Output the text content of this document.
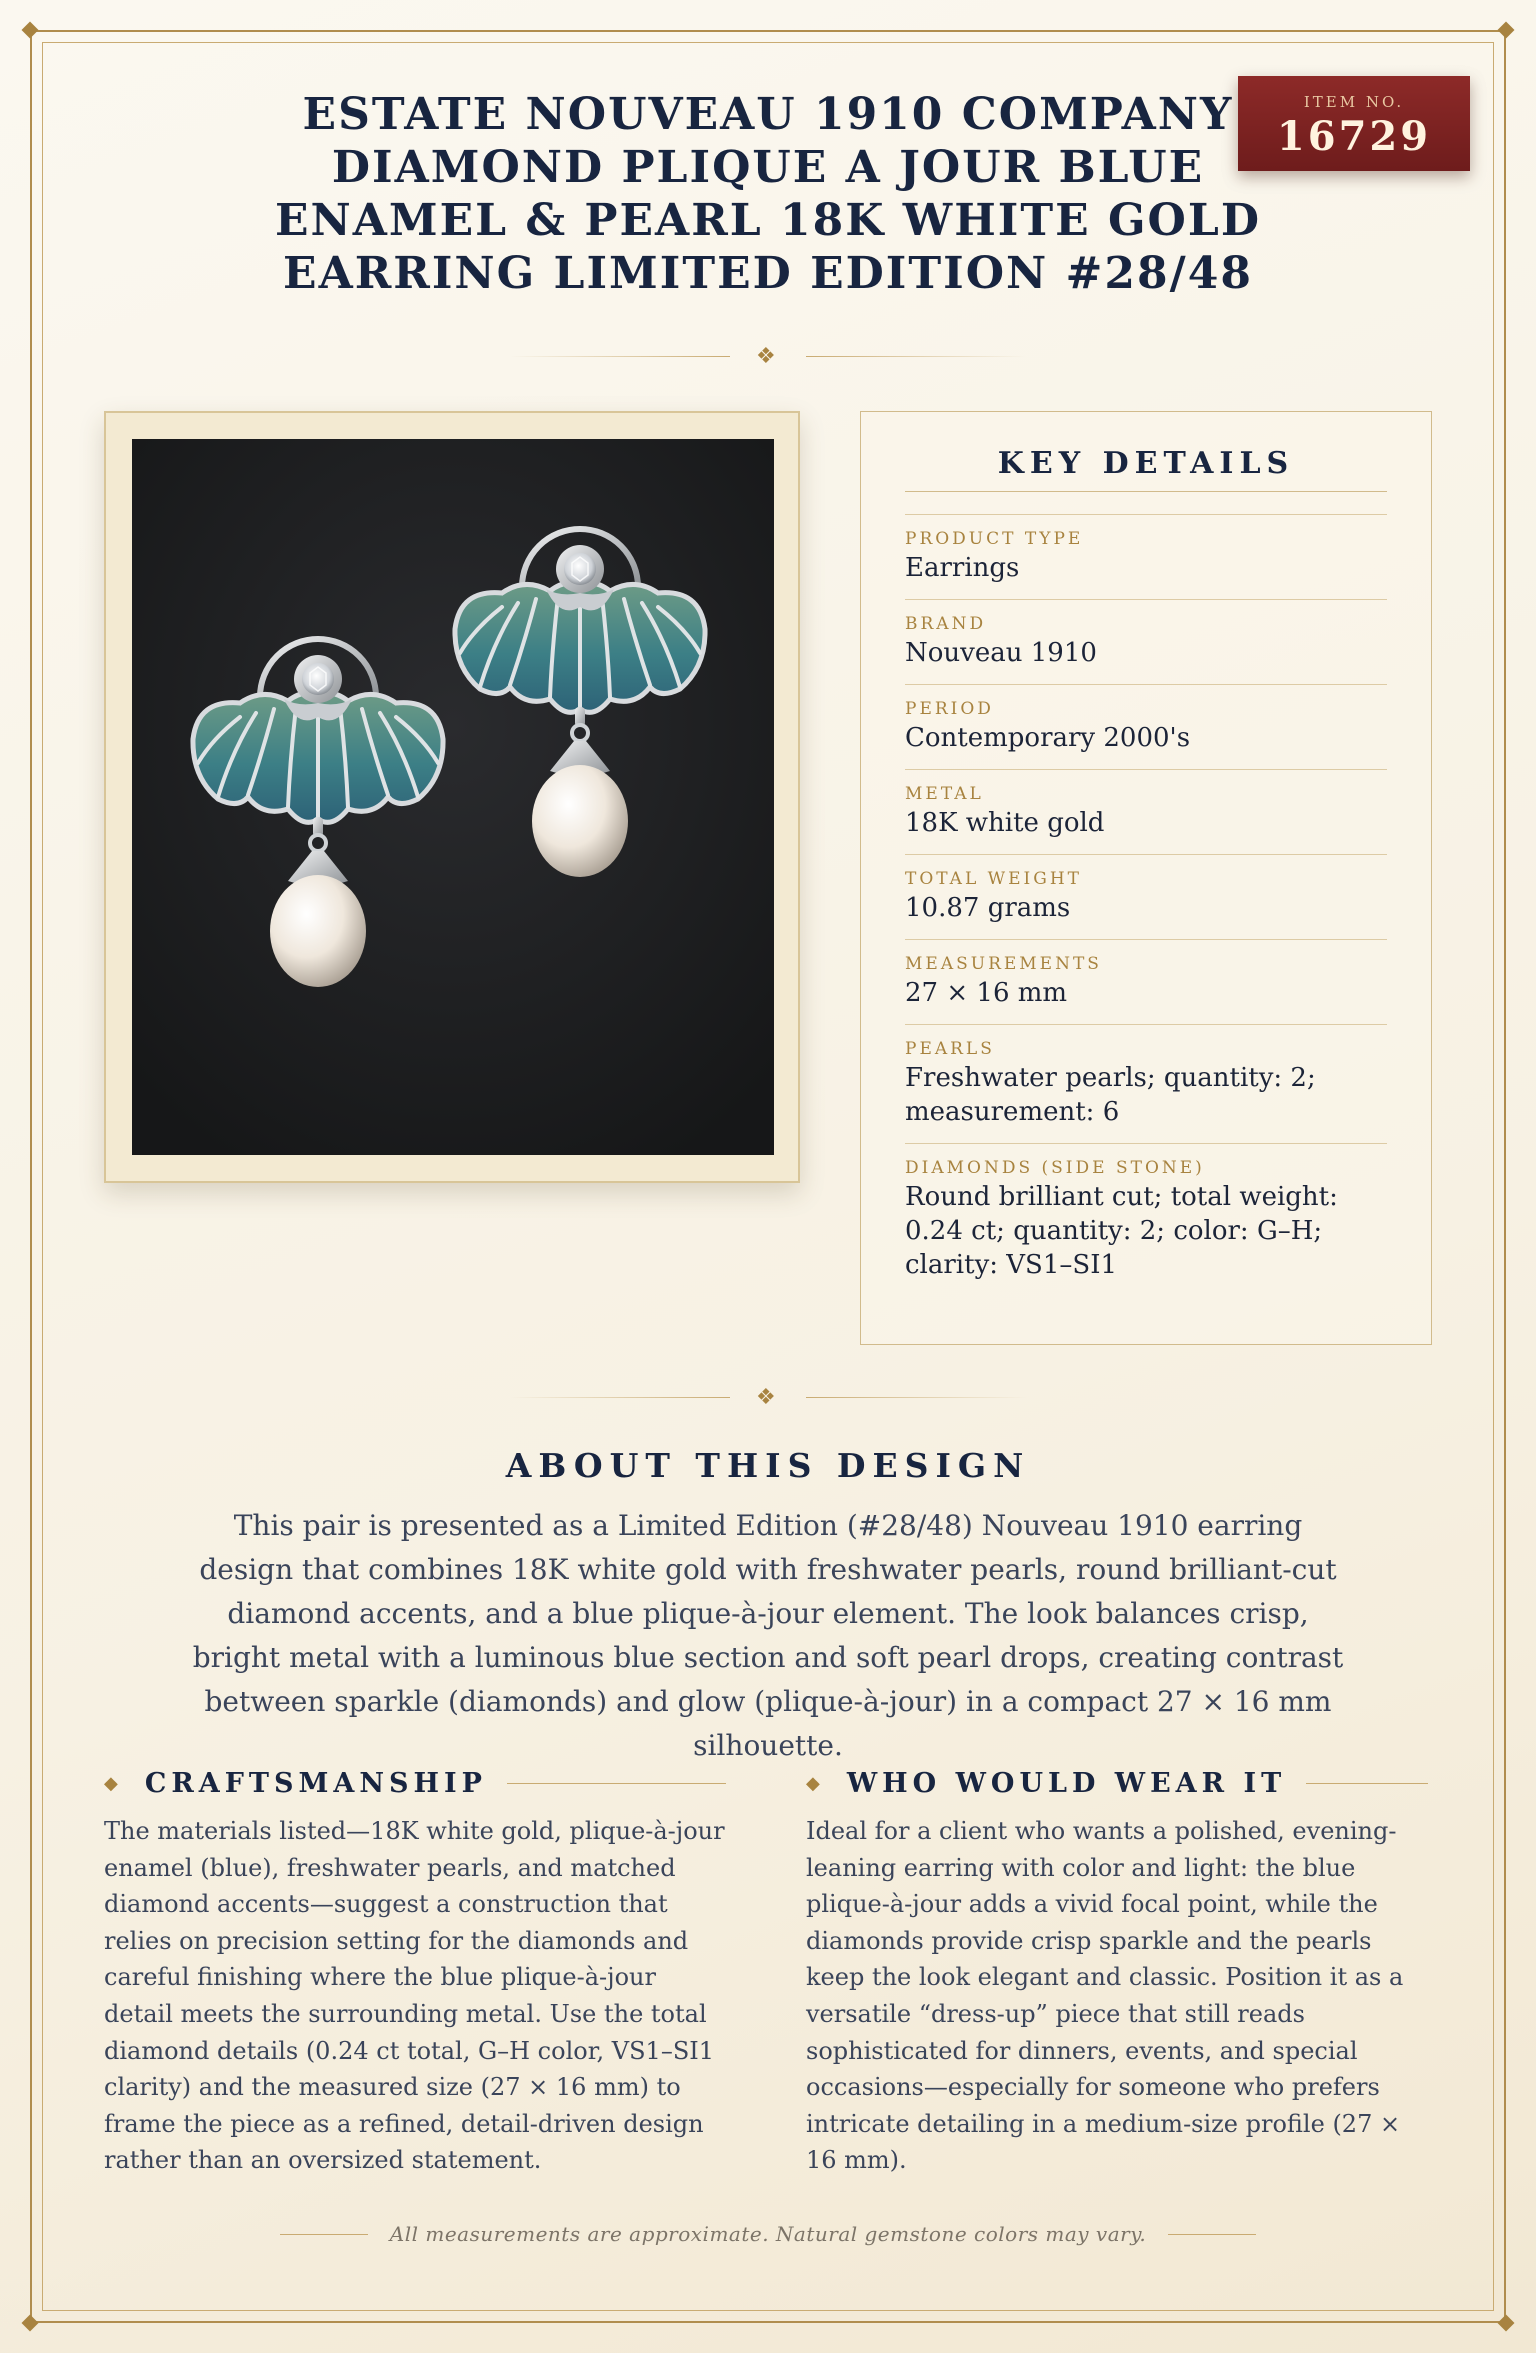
ESTATE NOUVEAU 1910 COMPANY
DIAMOND PLIQUE A JOUR BLUE
ENAMEL & PEARL 18K WHITE GOLD
EARRING LIMITED EDITION #28/48
ITEM NO.
16729
❖
KEY DETAILS
PRODUCT TYPE
Earrings
BRAND
Nouveau 1910
PERIOD
Contemporary 2000's
METAL
18K white gold
TOTAL WEIGHT
10.87 grams
MEASUREMENTS
27 × 16 mm
PEARLS
Freshwater pearls; quantity: 2; measurement: 6
DIAMONDS (SIDE STONE)
Round brilliant cut; total weight: 0.24 ct; quantity: 2; color: G–H; clarity: VS1–SI1
❖
ABOUT THIS DESIGN

This pair is presented as a Limited Edition (#28/48) Nouveau 1910 earring design that combines 18K white gold with freshwater pearls, round brilliant-cut diamond accents, and a blue plique-à-jour element. The look balances crisp, bright metal with a luminous blue section and soft pearl drops, creating contrast between sparkle (diamonds) and glow (plique-à-jour) in a compact 27 × 16 mm silhouette.

◆ CRAFTSMANSHIP

The materials listed—18K white gold, plique-à-jour enamel (blue), freshwater pearls, and matched diamond accents—suggest a construction that relies on precision setting for the diamonds and careful finishing where the blue plique-à-jour detail meets the surrounding metal. Use the total diamond details (0.24 ct total, G–H color, VS1–SI1 clarity) and the measured size (27 × 16 mm) to frame the piece as a refined, detail-driven design rather than an oversized statement.

◆ WHO WOULD WEAR IT

Ideal for a client who wants a polished, evening-leaning earring with color and light: the blue plique-à-jour adds a vivid focal point, while the diamonds provide crisp sparkle and the pearls keep the look elegant and classic. Position it as a versatile “dress-up” piece that still reads sophisticated for dinners, events, and special occasions—especially for someone who prefers intricate detailing in a medium-size profile (27 × 16 mm).

All measurements are approximate. Natural gemstone colors may vary.
